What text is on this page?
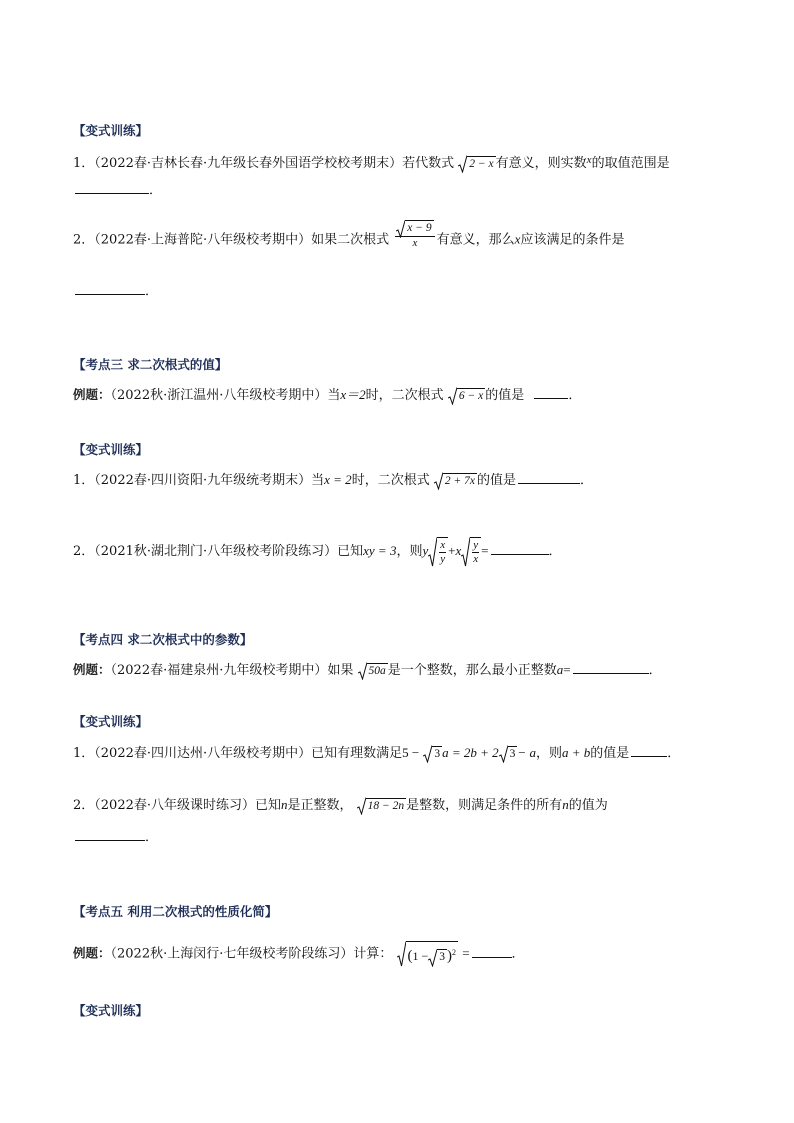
【变式训练】
1．（2022春·吉林长春·九年级长春外国语学校校考期末）若代数式 2 − x 有意义，则实数$^x$的取值范围是
．
2．（2022春·上海普陀·八年级校考期中）如果二次根式 $\frac{x - 9}{x}$ 有意义，那么x应该满足的条件是
．
【考点三 求二次根式的值】
例题：（2022秋·浙江温州·八年级校考期中）当x＝2时，二次根式 6 − x 的值是	．
【变式训练】
1．（2022春·四川资阳·九年级统考期末）当x = 2时，二次根式 2 + 7x 的值是	．
2．（2021秋·湖北荆门·八年级校考阶段练习）已知xy = 3，则y $\frac{x}{y} +x \frac{y}{x}$ =	．
【考点四 求二次根式中的参数】
例题：（2022春·福建泉州·九年级校考期中）如果 50a 是一个整数，那么最小正整数a=	．
【变式训练】
1．（2022春·四川达州·八年级校考期中）已知有理数满足5 − 3 a = 2b + 2 3 − a，则a + b的值是	．
2．（2022春·八年级课时练习）已知n是正整数， 18 − 2n 是整数，则满足条件的所有n的值为
．
【考点五 利用二次根式的性质化简】
例题：（2022秋·上海闵行·七年级校考阶段练习）计算： (1 − 3 )$^2$ =	．
【变式训练】
